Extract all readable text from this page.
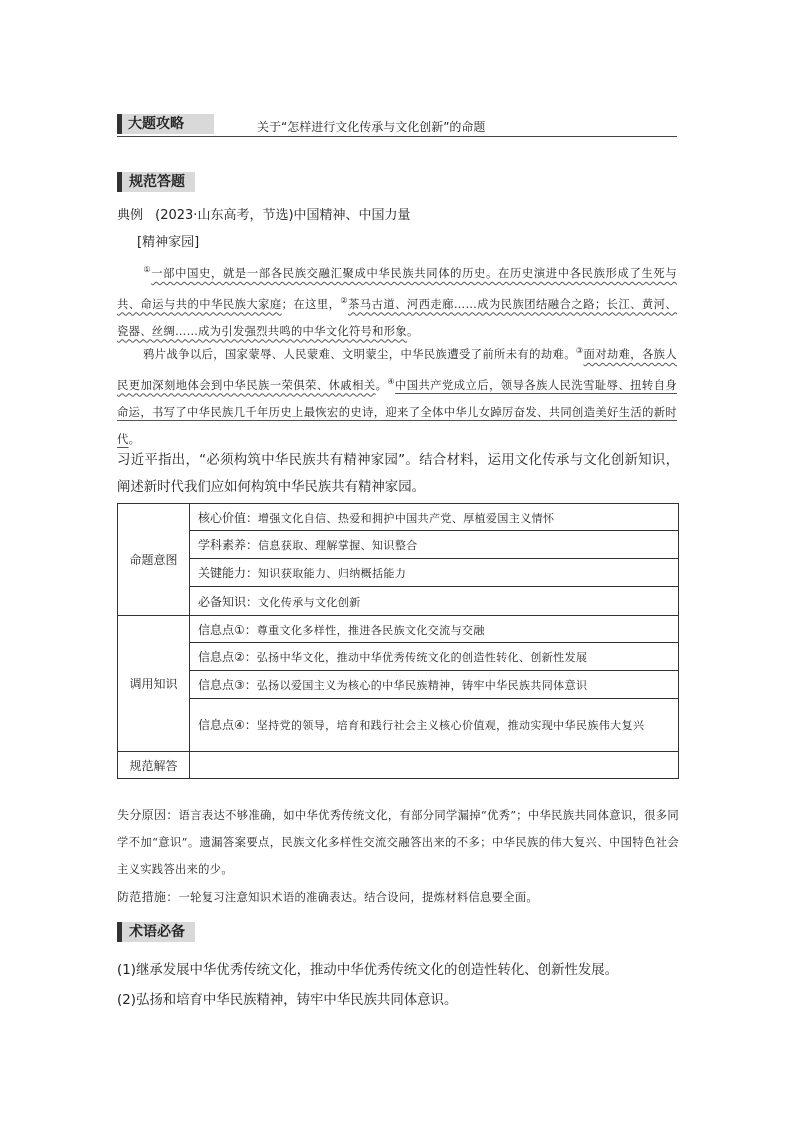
大题攻略	关于“怎样进行文化传承与文化创新”的命题
规范答题
典例 (2023·山东高考，节选)中国精神、中国力量
[精神家园]
①一部中国史，就是一部各民族交融汇聚成中华民族共同体的历史。在历史演进中各民族形成了生死与共、命运与共的中华民族大家庭；在这里，②茶马古道、河西走廊……成为民族团结融合之路；长江、黄河、瓷器、丝绸……成为引发强烈共鸣的中华文化符号和形象。
鸦片战争以后，国家蒙辱、人民蒙难、文明蒙尘，中华民族遭受了前所未有的劫难。③面对劫难，各族人民更加深刻地体会到中华民族一荣俱荣、休戚相关。④中国共产党成立后，领导各族人民洗雪耻辱、扭转自身命运，书写了中华民族几千年历史上最恢宏的史诗，迎来了全体中华儿女踔厉奋发、共同创造美好生活的新时代。
习近平指出，“必须构筑中华民族共有精神家园”。结合材料，运用文化传承与文化创新知识，阐述新时代我们应如何构筑中华民族共有精神家园。
命题意图	核心价值：增强文化自信、热爱和拥护中国共产党、厚植爱国主义情怀
	学科素养：信息获取、理解掌握、知识整合
	关键能力：知识获取能力、归纳概括能力
	必备知识：文化传承与文化创新
调用知识	信息点①：尊重文化多样性，推进各民族文化交流与交融
	信息点②：弘扬中华文化，推动中华优秀传统文化的创造性转化、创新性发展
	信息点③：弘扬以爱国主义为核心的中华民族精神，铸牢中华民族共同体意识
	信息点④：坚持党的领导，培育和践行社会主义核心价值观，推动实现中华民族伟大复兴
规范解答	
失分原因：语言表达不够准确，如中华优秀传统文化，有部分同学漏掉“优秀”；中华民族共同体意识，很多同学不加“意识”。遗漏答案要点，民族文化多样性交流交融答出来的不多；中华民族的伟大复兴、中国特色社会主义实践答出来的少。
防范措施：一轮复习注意知识术语的准确表达。结合设问，提炼材料信息要全面。
术语必备
(1)继承发展中华优秀传统文化，推动中华优秀传统文化的创造性转化、创新性发展。
(2)弘扬和培育中华民族精神，铸牢中华民族共同体意识。
